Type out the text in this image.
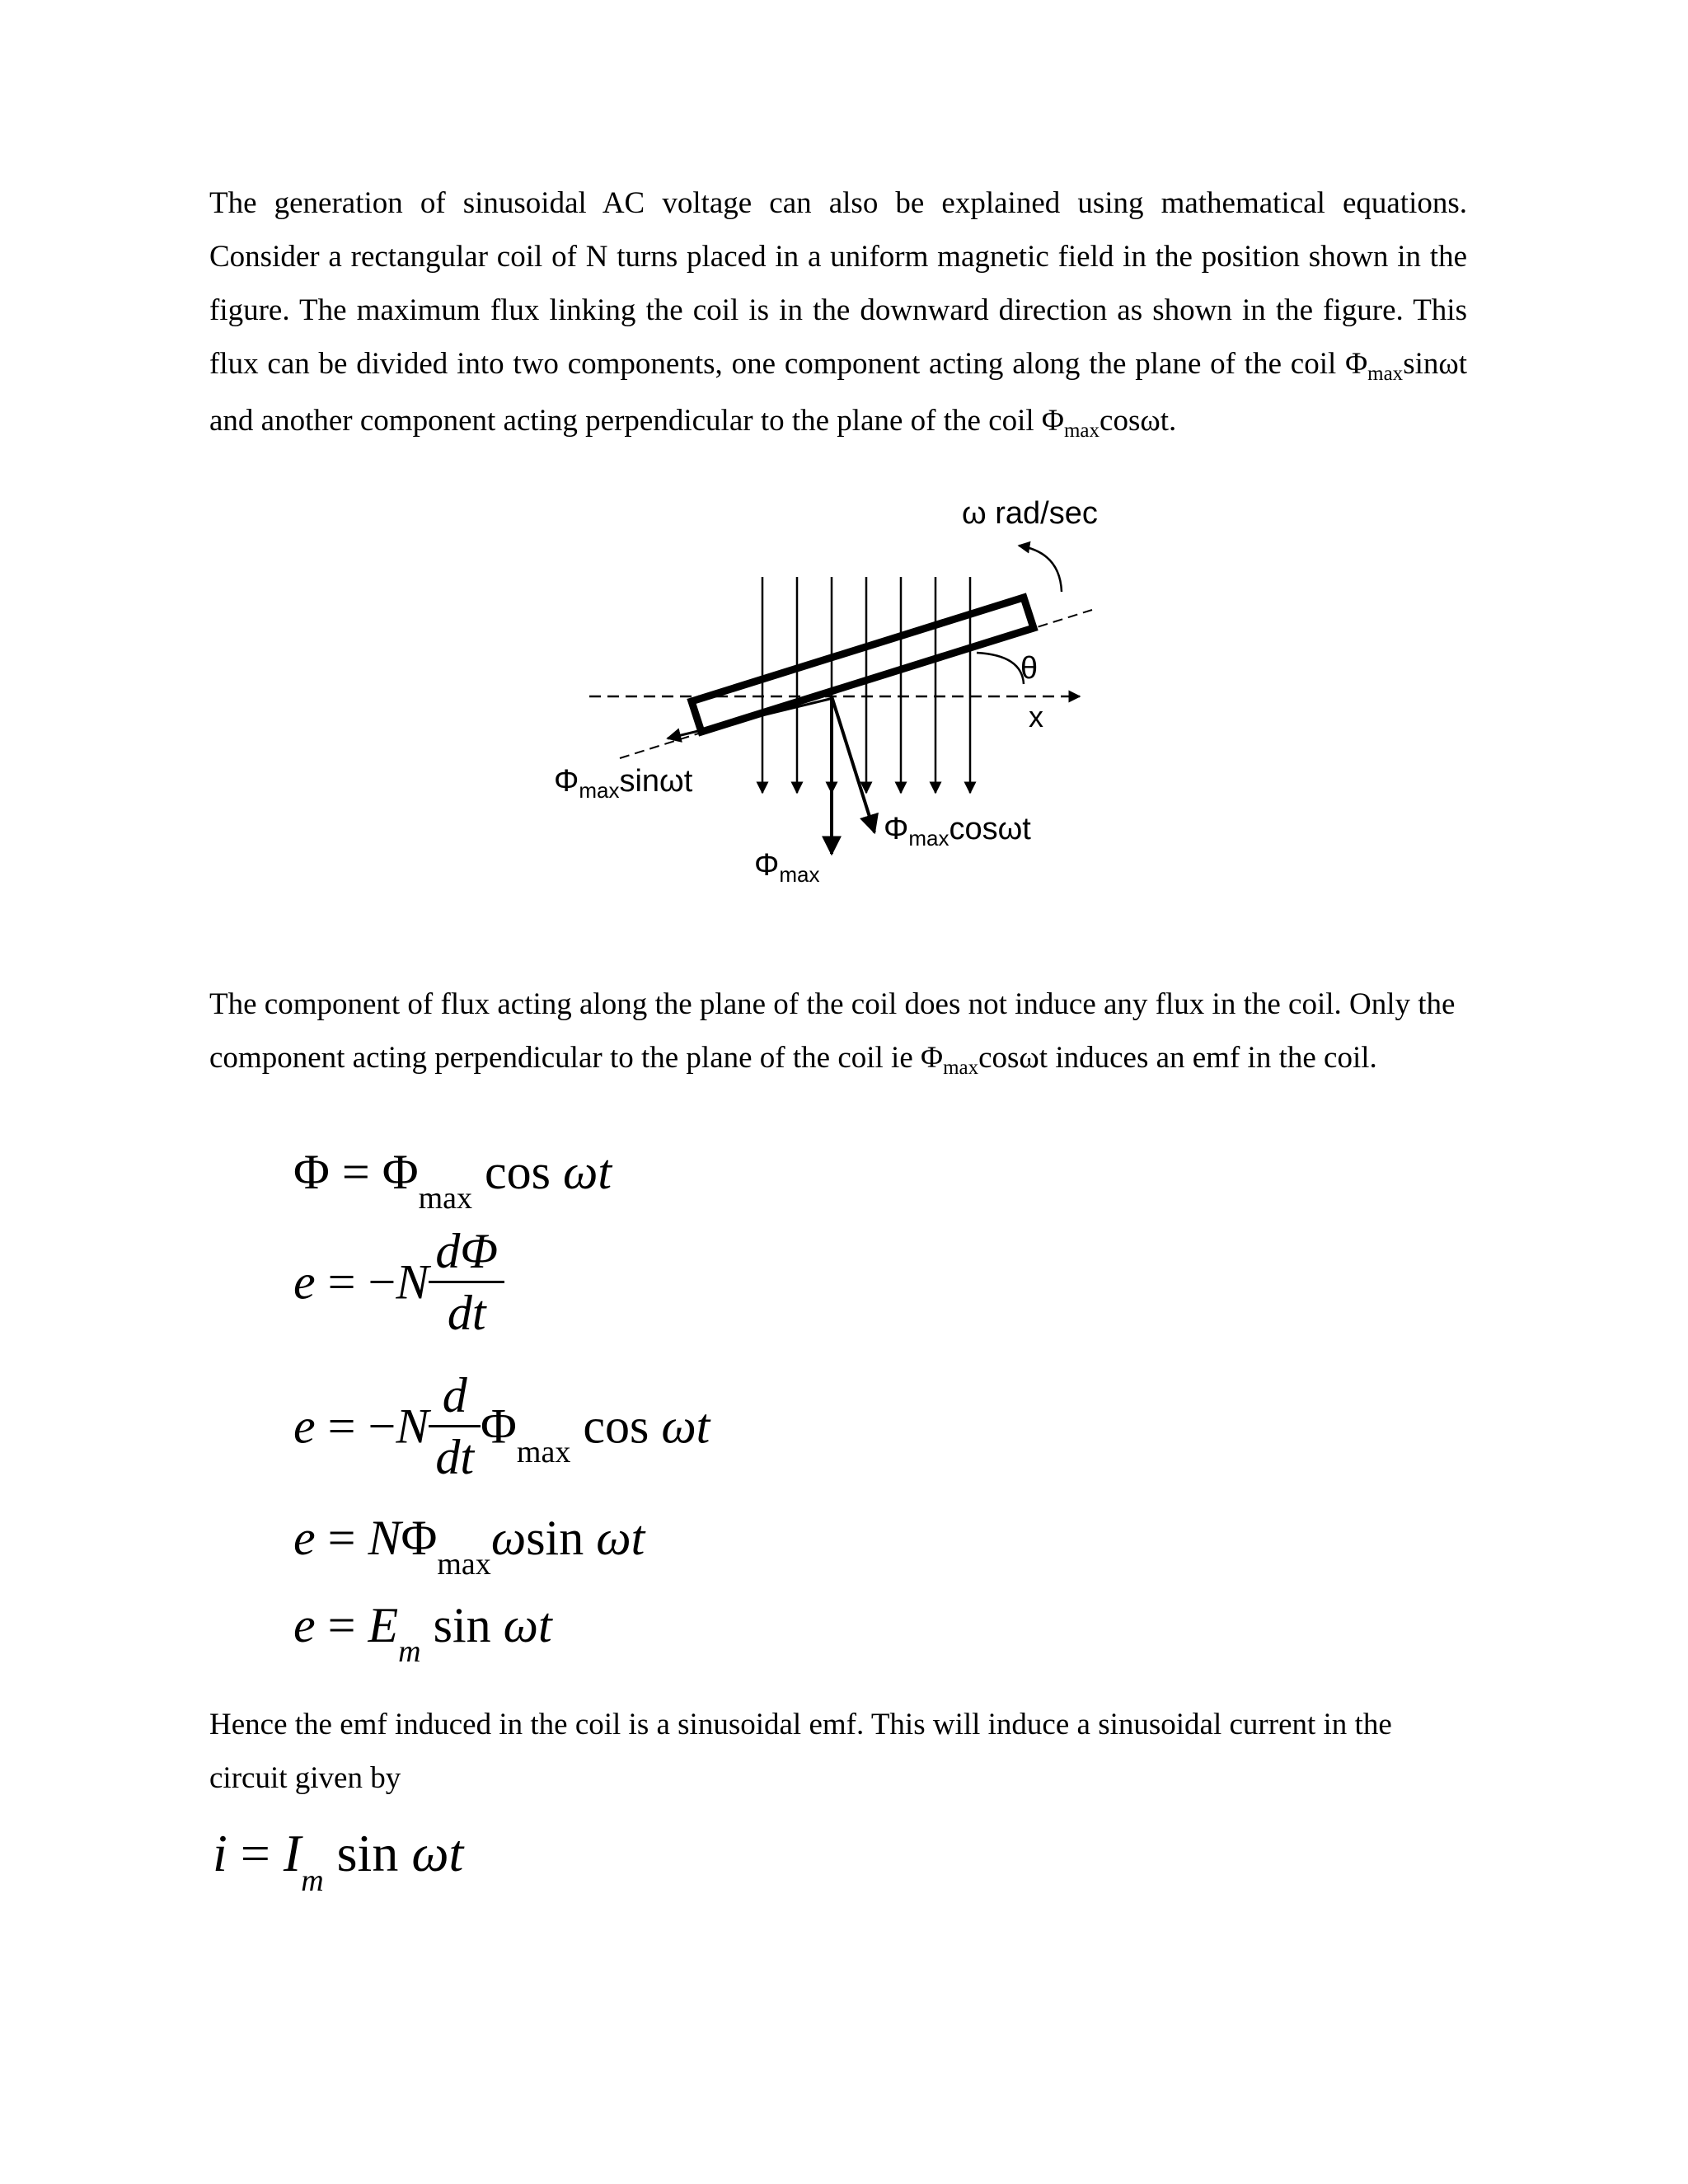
The generation of sinusoidal AC voltage can also be explained using mathematical equations. Consider a rectangular coil of N turns placed in a uniform magnetic field in the position shown in the figure. The maximum flux linking the coil is in the downward direction as shown in the figure. This flux can be divided into two components, one component acting along the plane of the coil $\Phi_{max}\sin\omega t$ and another component acting perpendicular to the plane of the coil $\Phi_{max}\cos\omega t$.

ω rad/sec
θ
x
$\Phi_{max}\sin\omega t$
$\Phi_{max}$
$\Phi_{max}\cos\omega t$

The component of flux acting along the plane of the coil does not induce any flux in the coil. Only the component acting perpendicular to the plane of the coil ie $\Phi_{max}\cos\omega t$ induces an emf in the coil.

$\Phi = \Phi_{max}$ cos ωt
$e = -N \frac{d\Phi}{dt}$
$e = -N \frac{d}{dt} \Phi_{max}$ cos ωt
$e = N\Phi_{max}\omega\sin$ ωt
$e = E_m$ sin ωt

Hence the emf induced in the coil is a sinusoidal emf. This will induce a sinusoidal current in the circuit given by

$i = I_m$ sin ωt
